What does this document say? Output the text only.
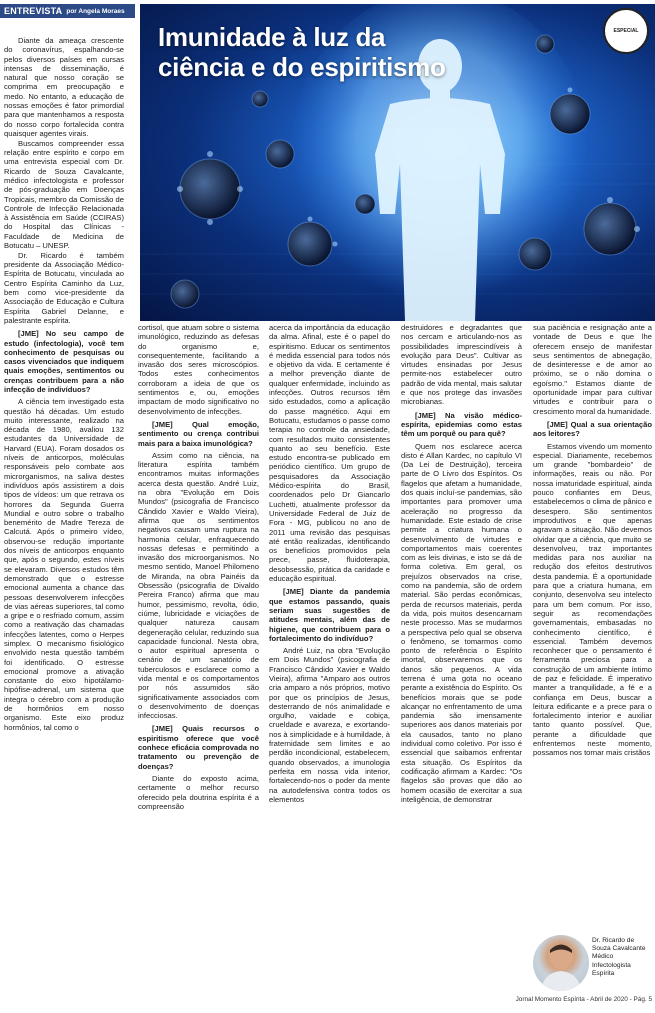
ENTREVISTA por Angela Moraes
Imunidade à luz da ciência e do espiritismo
ESPECIAL

Diante da ameaça crescente do coronavírus, espalhando-se pelos diversos países em cursas intensas de disseminação, é natural que nosso coração se comprima em preocupação e medo. No entanto, a educação de nossas emoções é fator primordial para que mantenhamos a resposta do nosso corpo fortalecida contra quaisquer agentes virais.

Buscamos compreender essa relação entre espírito e corpo em uma entrevista especial com Dr. Ricardo de Souza Cavalcante, médico infectologista e professor de pós-graduação em Doenças Tropicais, membro da Comissão de Controle de Infecção Relacionada à Assistência em Saúde (CCIRAS) do Hospital das Clínicas - Faculdade de Medicina de Botucatu – UNESP.

Dr. Ricardo é também presidente da Associação Médico-Espírita de Botucatu, vinculada ao Centro Espírita Caminho da Luz, bem como vice-presidente da Associação de Educação e Cultura Espírita Gabriel Delanne, e palestrante espírita.

[JME] No seu campo de estudo (infectologia), você tem conhecimento de pesquisas ou casos vivenciados que indiquem quais emoções, sentimentos ou crenças contribuem para a não infecção de indivíduos?

A ciência tem investigado esta questão há décadas. Um estudo muito interessante, realizado na década de 1980, avaliou 132 estudantes da Universidade de Harvard (EUA). Foram dosados os níveis de anticorpos, moléculas responsáveis pelo combate aos microrganismos, na saliva destes indivíduos após assistirem a dois tipos de vídeos: um que retrava os horrores da Segunda Guerra Mundial e outro sobre o trabalho benemérito de Madre Tereza de Calcutá. Após o primeiro vídeo, observou-se redução importante dos níveis de anticorpos enquanto que, após o segundo, estes níveis se elevaram. Diversos estudos têm demonstrado que o estresse emocional aumenta a chance das pessoas desenvolverem infecções de vias aéreas superiores, tal como a gripe e o resfriado comum, assim como a reativação das chamadas infecções latentes, como o Herpes simplex. O mecanismo fisiológico envolvido nesta questão também foi identificado. O estresse emocional promove a ativação constante do eixo hipotálamo-hipófise-adrenal, um sistema que integra o cérebro com a produção de hormônios em nosso organismo. Este eixo produz hormônios, tal como o

cortisol, que atuam sobre o sistema imunológico, reduzindo as defesas do organismo e, consequentemente, facilitando a invasão dos seres microscópios. Todos estes conhecimentos corroboram a ideia de que os sentimentos e, ou, emoções impactam de modo significativo no desenvolvimento de infecções.

[JME] Qual emoção, sentimento ou crença contribui mais para a baixa imunológica?

Assim como na ciência, na literatura espírita também encontramos muitas informações acerca desta questão. André Luiz, na obra "Evolução em Dois Mundos" (psicografia de Francisco Cândido Xavier e Waldo Vieira), afirma que os sentimentos negativos causam uma ruptura na harmonia celular, enfraquecendo nossas defesas e permitindo a invasão dos microorganismos. No mesmo sentido, Manoel Philomeno de Miranda, na obra Painéis da Obsessão (psicografia de Divaldo Pereira Franco) afirma que mau humor, pessimismo, revolta, ódio, ciúme, lubricidade e viciações de qualquer natureza causam degeneração celular, reduzindo sua capacidade funcional. Nesta obra, o autor espiritual apresenta o cenário de um sanatório de tuberculosos e esclarece como a vida mental e os comportamentos por nós assumidos são significativamente associados com o desenvolvimento de doenças infecciosas.

[JME] Quais recursos o espiritismo oferece que você conhece eficácia comprovada no tratamento ou prevenção de doenças?

Diante do exposto acima, certamente o melhor recurso oferecido pela doutrina espírita é a compreensão

acerca da importância da educação da alma. Afinal, este é o papel do espiritismo. Educar os sentimentos é medida essencial para todos nós e objetivo da vida. E certamente é a melhor prevenção diante de qualquer enfermidade, incluindo as infecções. Outros recursos têm sido estudados, como a aplicação do passe magnético. Aqui em Botucatu, estudamos o passe como terapia no controle da ansiedade, com resultados muito consistentes quanto ao seu benefício. Este estudo encontra-se publicado em periódico científico. Um grupo de pesquisadores da Associação Médico-espírita do Brasil, coordenados pelo Dr Giancarlo Luchetti, atualmente professor da Universidade Federal de Juiz de Fora - MG, publicou no ano de 2011 uma revisão das pesquisas até então realizadas, identificando os benefícios promovidos pela prece, passe, fluidoterapia, desobsessão, prática da caridade e educação espiritual.

[JME] Diante da pandemia que estamos passando, quais seriam suas sugestões de atitudes mentais, além das de higiene, que contribuem para o fortalecimento do indivíduo?

André Luiz, na obra "Evolução em Dois Mundos" (psicografia de Francisco Cândido Xavier e Waldo Vieira), afirma "Amparo aos outros cria amparo a nós próprios, motivo por que os princípios de Jesus, desterrando de nós animalidade e orgulho, vaidade e cobiça, crueldade e avareza, e exortando-nos à simplicidade e à humildade, à fraternidade sem limites e ao perdão incondicional, estabelecem, quando observados, a imunologia perfeita em nossa vida interior, fortalecendo-nos o poder da mente na autodefensiva contra todos os elementos

destruidores e degradantes que nos cercam e articulando-nos as possibilidades imprescindíveis à evolução para Deus". Cultivar as virtudes ensinadas por Jesus permite-nos estabelecer outro padrão de vida mental, mais salutar e que nos protege das invasões microbianas.

[JME] Na visão médico-espírita, epidemias como estas têm um porquê ou para quê?

Quem nos esclarece acerca disto é Allan Kardec, no capítulo VI (Da Lei de Destruição), terceira parte de O Livro dos Espíritos. Os flagelos que afetam a humanidade, dos quais incluí-se pandemias, são importantes para promover uma aceleração no progresso da humanidade. Este estado de crise permite a criatura humana o desenvolvimento de virtudes e comportamentos mais coerentes com as leis divinas, e isto se dá de forma coletiva. Em geral, os prejuízos observados na crise, como na pandemia, são de ordem material. São perdas econômicas, perda de recursos materiais, perda da vida, pois muitos desencarnam neste processo. Mas se mudarmos a perspectiva pelo qual se observa o fenômeno, se tomarmos como ponto de referência o Espírito imortal, observaremos que os danos são pequenos. A vida terrena é uma gota no oceano perante a existência do Espírito. Os benefícios morais que se pode alcançar no enfrentamento de uma pandemia são imensamente superiores aos danos materiais por ela causados, tanto no plano individual como coletivo. Por isso é essencial que saibamos enfrentar esta situação. Os Espíritos da codificação afirmam a Kardec: "Os flagelos são provas que dão ao homem ocasião de exercitar a sua inteligência, de demonstrar

sua paciência e resignação ante a vontade de Deus e que lhe oferecem ensejo de manifestar seus sentimentos de abnegação, de desinteresse e de amor ao próximo, se o não domina o egoísmo." Estamos diante de oportunidade impar para cultivar virtudes e contribuir para o crescimento moral da humanidade.

[JME] Qual a sua orientação aos leitores?

Estamos vivendo um momento especial. Diariamente, recebemos um grande "bombardeio" de informações, reais ou não. Por nossa imaturidade espiritual, ainda pouco confiantes em Deus, estabelecemos o clima de pânico e desespero. São sentimentos improdutivos e que apenas agravam a situação. Não devemos olvidar que a ciência, que muito se desenvolveu, traz importantes medidas para nos auxiliar na redução dos efeitos destrutivos desta pandemia. É a oportunidade para que a criatura humana, em conjunto, desenvolva seu intelecto para um bem comum. Por isso, seguir as recomendações governamentais, embasadas no conhecimento científico, é essencial. Também devemos reconhecer que o pensamento é ferramenta preciosa para a construção de um ambiente íntimo de paz e felicidade. É imperativo manter a tranquilidade, a fé e a confiança em Deus, buscar a leitura edificante e a prece para o fortalecimento interior e auxiliar tanto quanto possível. Que, perante a dificuldade que enfrentemos neste momento, possamos nos tornar mais cristãos

Dr. Ricardo de
Souza Cavalcante
Médico
Infectologista
Espírita
Jornal Momento Espírita - Abril de 2020 - Pág. 5
